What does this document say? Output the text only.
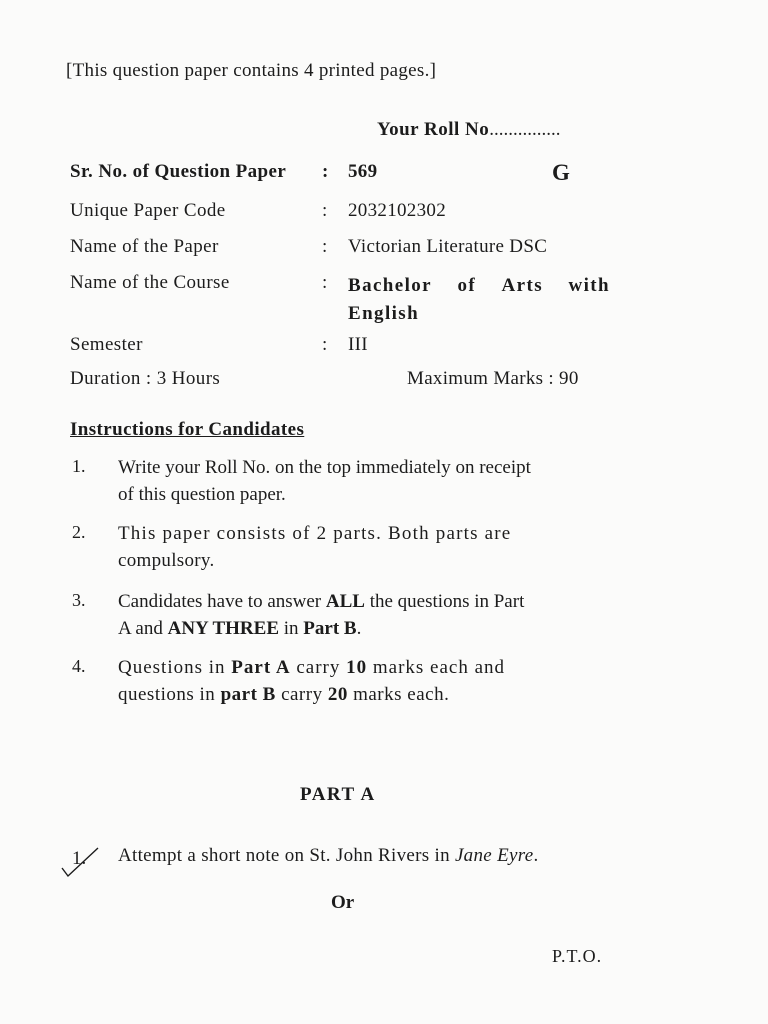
[This question paper contains 4 printed pages.]
Your Roll No...............
Sr. No. of Question Paper : 569	G
Unique Paper Code	: 2032102302
Name of the Paper	: Victorian Literature DSC
Name of the Course	: Bachelor of Arts with
English
Semester	: III
Duration : 3 Hours	Maximum Marks : 90
Instructions for Candidates
1. Write your Roll No. on the top immediately on receipt
of this question paper.
2. This paper consists of 2 parts. Both parts are
compulsory.
3. Candidates have to answer ALL the questions in Part
A and ANY THREE in Part B.
4. Questions in Part A carry 10 marks each and
questions in part B carry 20 marks each.
PART A
1. Attempt a short note on St. John Rivers in Jane Eyre.
Or
P.T.O.
